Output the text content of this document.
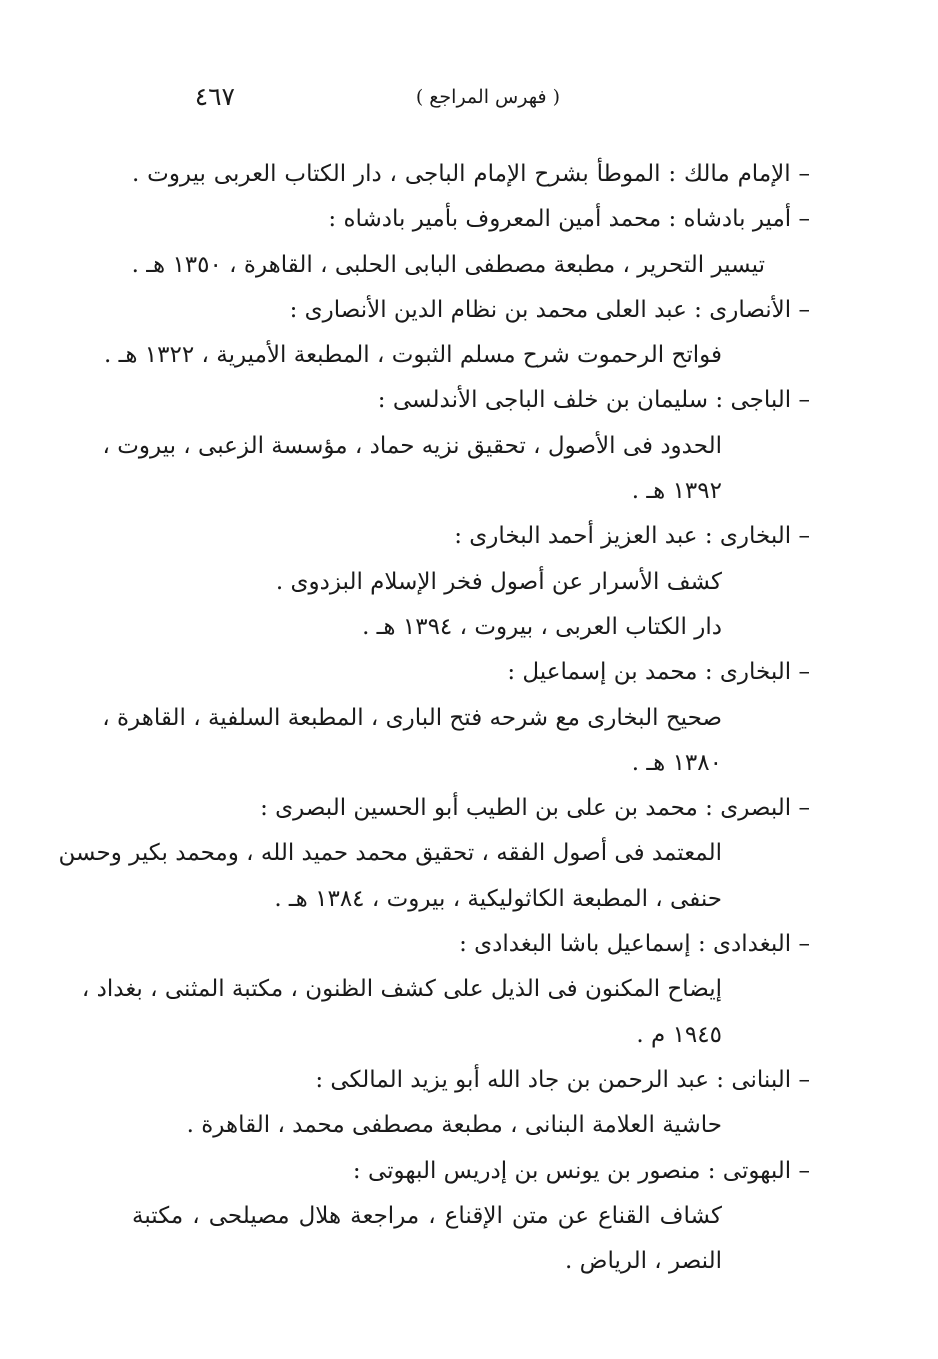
٤٦٧	( فهرس المراجع )
– الإمام مالك : الموطأ بشرح الإمام الباجى ، دار الكتاب العربى بيروت .
– أمير بادشاه : محمد أمين المعروف بأمير بادشاه :
تيسير التحرير ، مطبعة مصطفى البابى الحلبى ، القاهرة ، ١٣٥٠ هـ .
– الأنصارى : عبد العلى محمد بن نظام الدين الأنصارى :
فواتح الرحموت شرح مسلم الثبوت ، المطبعة الأميرية ، ١٣٢٢ هـ .
– الباجى : سليمان بن خلف الباجى الأندلسى :
الحدود فى الأصول ، تحقيق نزيه حماد ، مؤسسة الزعبى ، بيروت ،
١٣٩٢ هـ .
– البخارى : عبد العزيز أحمد البخارى :
كشف الأسرار عن أصول فخر الإسلام البزدوى .
دار الكتاب العربى ، بيروت ، ١٣٩٤ هـ .
– البخارى : محمد بن إسماعيل :
صحيح البخارى مع شرحه فتح البارى ، المطبعة السلفية ، القاهرة ،
١٣٨٠ هـ .
– البصرى : محمد بن على بن الطيب أبو الحسين البصرى :
المعتمد فى أصول الفقه ، تحقيق محمد حميد الله ، ومحمد بكير وحسن
حنفى ، المطبعة الكاثوليكية ، بيروت ، ١٣٨٤ هـ .
– البغدادى : إسماعيل باشا البغدادى :
إيضاح المكنون فى الذيل على كشف الظنون ، مكتبة المثنى ، بغداد ،
١٩٤٥ م .
– البنانى : عبد الرحمن بن جاد الله أبو يزيد المالكى :
حاشية العلامة البنانى ، مطبعة مصطفى محمد ، القاهرة .
– البهوتى : منصور بن يونس بن إدريس البهوتى :
كشاف القناع عن متن الإقناع ، مراجعة هلال مصيلحى ، مكتبة
النصر ، الرياض .
